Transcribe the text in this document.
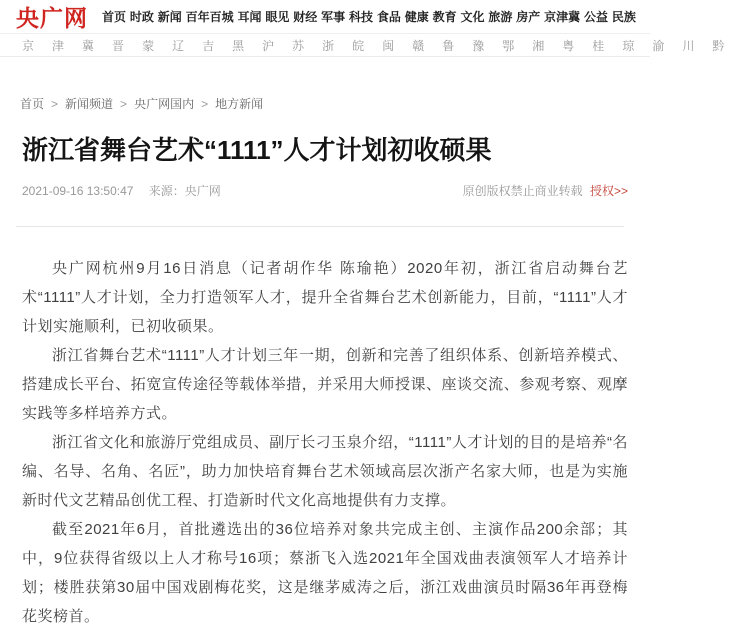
央广网 首页 时政 新闻 百年百城 耳闻 眼见 财经 军事 科技 食品 健康 教育 文化 旅游 房产 京津冀 公益 民族
京	津	冀	晋	蒙	辽	吉	黑	沪	苏	浙	皖	闽	赣	鲁	豫	鄂	湘	粤	桂	琼	渝	川	黔
首页 > 新闻频道 > 央广网国内 > 地方新闻
浙江省舞台艺术“1111”人才计划初收硕果
2021-09-16 13:50:47 来源：央广网	原创版权禁止商业转载 授权>>

央广网杭州9月16日消息（记者胡作华 陈瑜艳）2020年初，浙江省启动舞台艺术“1111”人才计划，全力打造领军人才，提升全省舞台艺术创新能力，目前，“1111”人才计划实施顺利，已初收硕果。

浙江省舞台艺术“1111”人才计划三年一期，创新和完善了组织体系、创新培养模式、搭建成长平台、拓宽宣传途径等载体举措，并采用大师授课、座谈交流、参观考察、观摩实践等多样培养方式。

浙江省文化和旅游厅党组成员、副厅长刁玉泉介绍，“1111”人才计划的目的是培养“名编、名导、名角、名匠”，助力加快培育舞台艺术领域高层次浙产名家大师，也是为实施新时代文艺精品创优工程、打造新时代文化高地提供有力支撑。

截至2021年6月，首批遴选出的36位培养对象共完成主创、主演作品200余部；其中，9位获得省级以上人才称号16项；蔡浙飞入选2021年全国戏曲表演领军人才培养计划；楼胜获第30届中国戏剧梅花奖，这是继茅威涛之后，浙江戏曲演员时隔36年再登梅花奖榜首。
